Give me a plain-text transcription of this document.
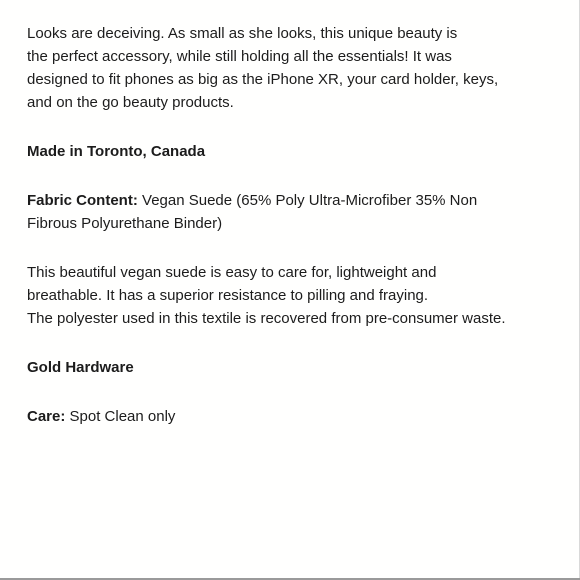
Looks are deceiving. As small as she looks, this unique beauty is
the perfect accessory, while still holding all the essentials! It was
designed to fit phones as big as the iPhone XR, your card holder, keys,
and on the go beauty products.

Made in Toronto, Canada

Fabric Content: Vegan Suede (65% Poly Ultra-Microfiber 35% Non
Fibrous Polyurethane Binder)

This beautiful vegan suede is easy to care for, lightweight and
breathable. It has a superior resistance to pilling and fraying.
The polyester used in this textile is recovered from pre-consumer waste.

Gold Hardware

Care: Spot Clean only
